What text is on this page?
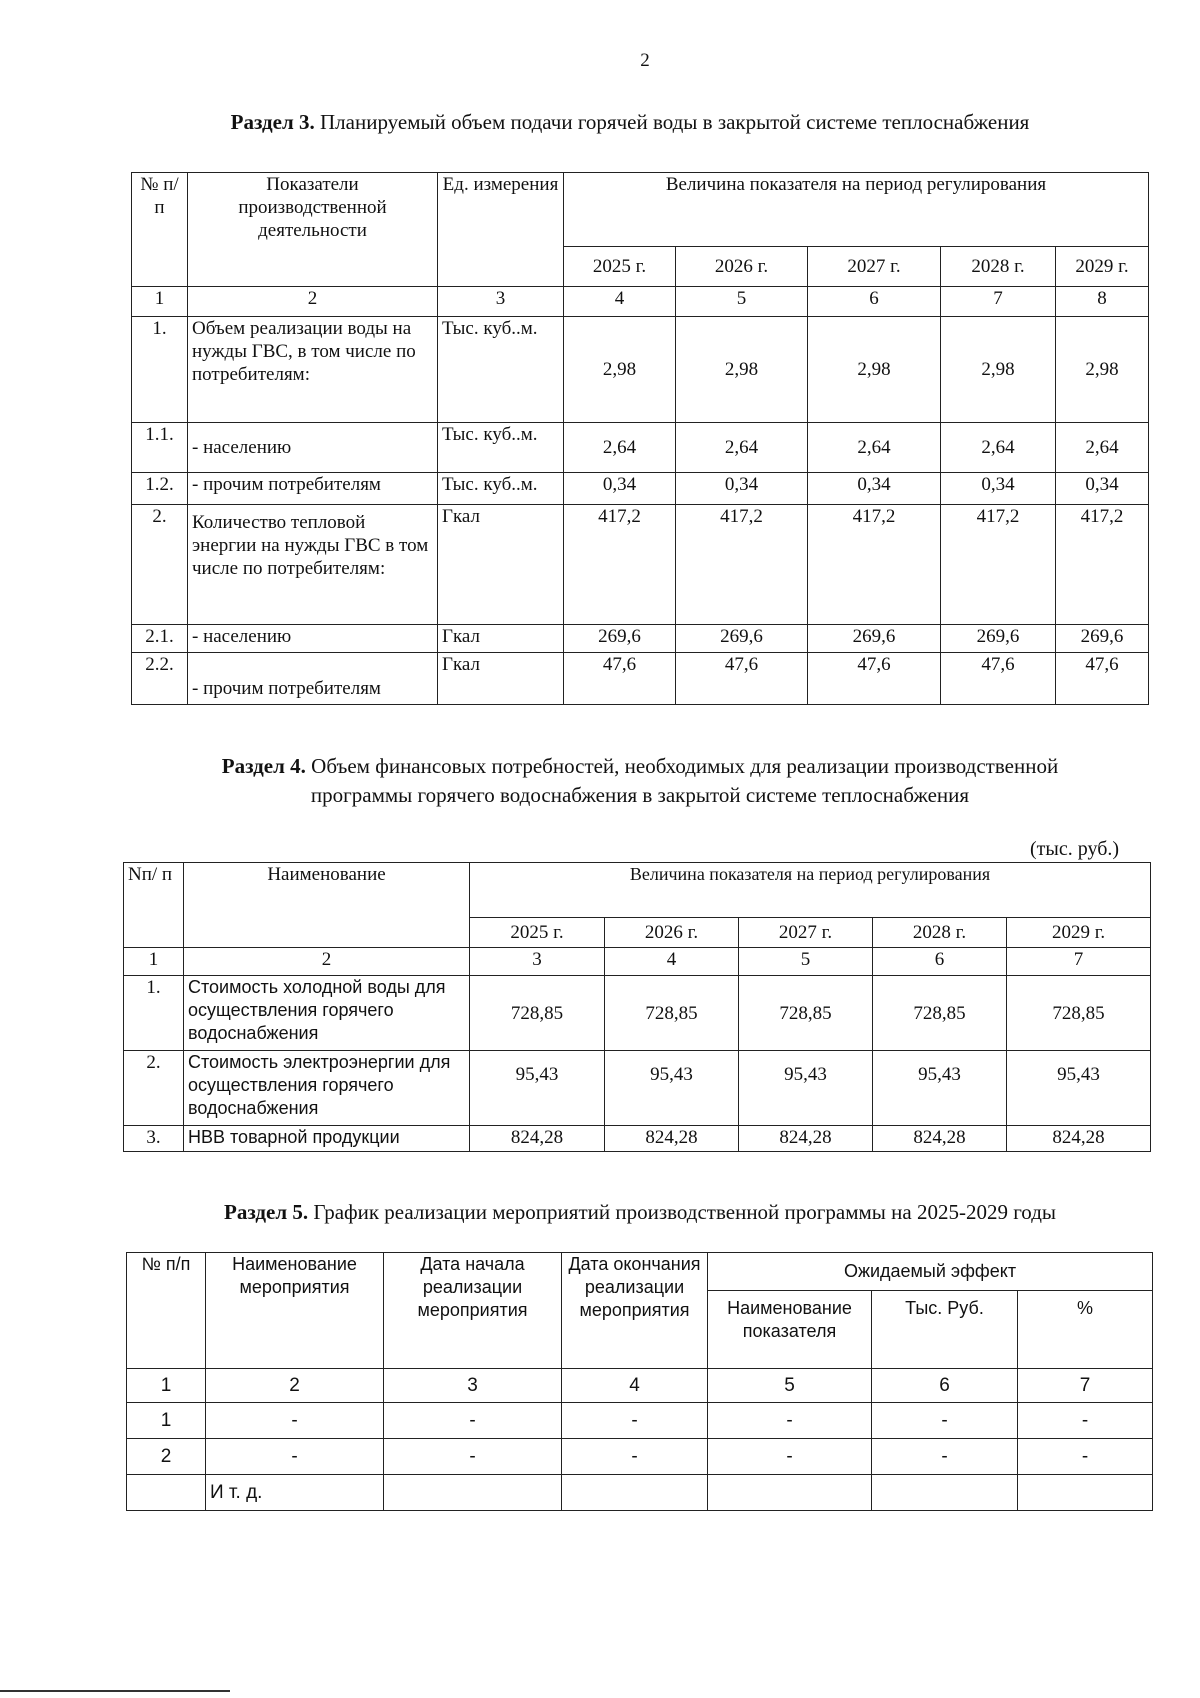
2
Раздел 3. Планируемый объем подачи горячей воды в закрытой системе теплоснабжения
№ п/п	Показатели производственной деятельности	Ед. измерения	Величина показателя на период регулирования				
			2025 г.	2026 г.	2027 г.	2028 г.	2029 г.
1	2	3	4	5	6	7	8
1.	Объем реализации воды на нужды ГВС, в том числе по потребителям:	Тыс. куб..м.	2,98	2,98	2,98	2,98	2,98
1.1.	- населению	Тыс. куб..м.	2,64	2,64	2,64	2,64	2,64
1.2.	- прочим потребителям	Тыс. куб..м.	0,34	0,34	0,34	0,34	0,34
2.	Количество тепловой энергии на нужды ГВС в том числе по потребителям:	Гкал	417,2	417,2	417,2	417,2	417,2
2.1.	- населению	Гкал	269,6	269,6	269,6	269,6	269,6
2.2.	- прочим потребителям	Гкал	47,6	47,6	47,6	47,6	47,6
Раздел 4. Объем финансовых потребностей, необходимых для реализации производственной
программы горячего водоснабжения в закрытой системе теплоснабжения
(тыс. руб.)
Nп/ п	Наименование	Величина показателя на период регулирования				
		2025 г.	2026 г.	2027 г.	2028 г.	2029 г.
1	2	3	4	5	6	7
1.	Стоимость холодной воды для осуществления горячего водоснабжения	728,85	728,85	728,85	728,85	728,85
2.	Стоимость электроэнергии для осуществления горячего водоснабжения	95,43	95,43	95,43	95,43	95,43
3.	НВВ товарной продукции	824,28	824,28	824,28	824,28	824,28
Раздел 5. График реализации мероприятий производственной программы на 2025-2029 годы
№ п/п	Наименование мероприятия	Дата начала реализации мероприятия	Дата окончания реализации мероприятия	Ожидаемый эффект		
				Наименование показателя	Тыс. Руб.	%
1	2	3	4	5	6	7
1	-	-	-	-	-	-
2	-	-	-	-	-	-
	И т. д.					
